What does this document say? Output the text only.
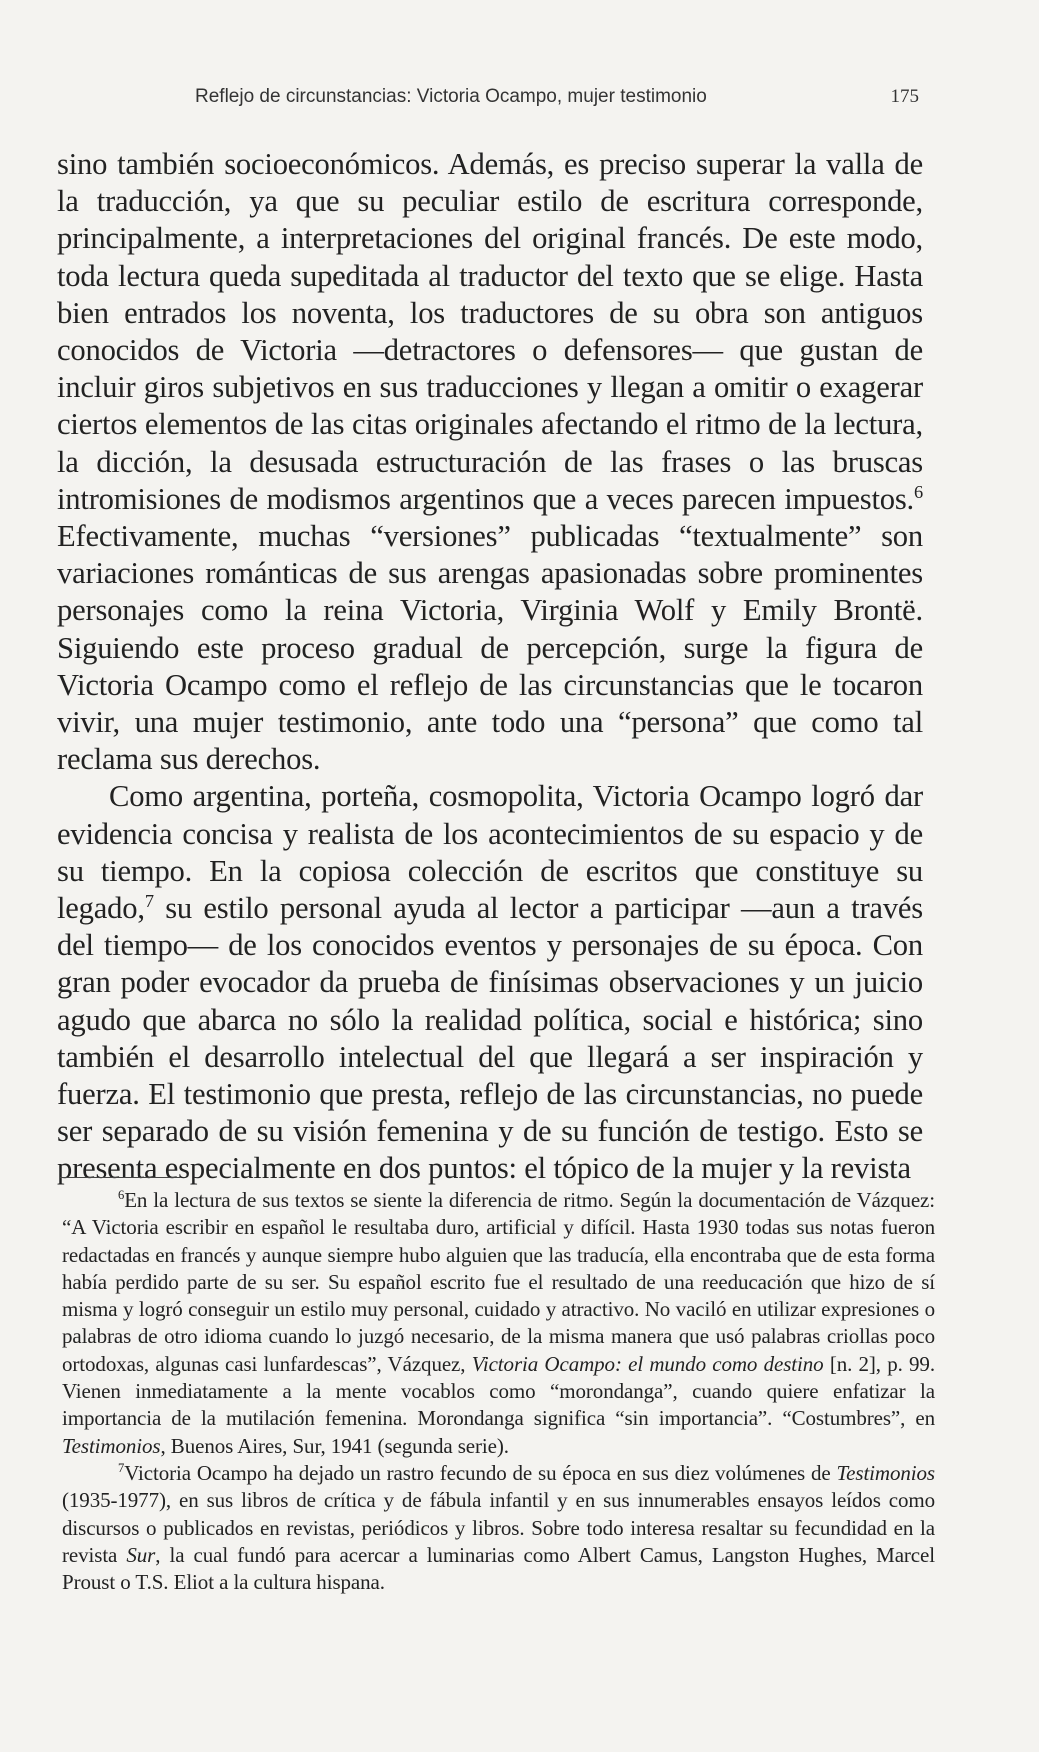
Reflejo de circunstancias: Victoria Ocampo, mujer testimonio	175

sino también socioeconómicos. Además, es preciso superar la valla de la traducción, ya que su peculiar estilo de escritura corresponde, principalmente, a interpretaciones del original francés. De este modo, toda lectura queda supeditada al traductor del texto que se elige. Hasta bien entrados los noventa, los traductores de su obra son antiguos conocidos de Victoria —detractores o defensores— que gustan de incluir giros subjetivos en sus traducciones y llegan a omitir o exagerar ciertos elementos de las citas originales afectando el ritmo de la lectura, la dicción, la desusada estructuración de las frases o las bruscas intromisiones de modismos argentinos que a veces parecen impuestos.$^6$ Efectivamente, muchas “versiones” publicadas “textualmente” son variaciones románticas de sus arengas apasionadas sobre prominentes personajes como la reina Victoria, Virginia Wolf y Emily Brontë. Siguiendo este proceso gradual de percepción, surge la figura de Victoria Ocampo como el reflejo de las circunstancias que le tocaron vivir, una mujer testimonio, ante todo una “persona” que como tal reclama sus derechos.

Como argentina, porteña, cosmopolita, Victoria Ocampo logró dar evidencia concisa y realista de los acontecimientos de su espacio y de su tiempo. En la copiosa colección de escritos que constituye su legado,$^7$ su estilo personal ayuda al lector a participar —aun a través del tiempo— de los conocidos eventos y personajes de su época. Con gran poder evocador da prueba de finísimas observaciones y un juicio agudo que abarca no sólo la realidad política, social e histórica; sino también el desarrollo intelectual del que llegará a ser inspiración y fuerza. El testimonio que presta, reflejo de las circunstancias, no puede ser separado de su visión femenina y de su función de testigo. Esto se presenta especialmente en dos puntos: el tópico de la mujer y la revista

$^6$En la lectura de sus textos se siente la diferencia de ritmo. Según la documentación de Vázquez: “A Victoria escribir en español le resultaba duro, artificial y difícil. Hasta 1930 todas sus notas fueron redactadas en francés y aunque siempre hubo alguien que las traducía, ella encontraba que de esta forma había perdido parte de su ser. Su español escrito fue el resultado de una reeducación que hizo de sí misma y logró conseguir un estilo muy personal, cuidado y atractivo. No vaciló en utilizar expresiones o palabras de otro idioma cuando lo juzgó necesario, de la misma manera que usó palabras criollas poco ortodoxas, algunas casi lunfardescas”, Vázquez, Victoria Ocampo: el mundo como destino [n. 2], p. 99. Vienen inmediatamente a la mente vocablos como “morondanga”, cuando quiere enfatizar la importancia de la mutilación femenina. Morondanga significa “sin importancia”. “Costumbres”, en Testimonios, Buenos Aires, Sur, 1941 (segunda serie).

$^7$Victoria Ocampo ha dejado un rastro fecundo de su época en sus diez volúmenes de Testimonios (1935-1977), en sus libros de crítica y de fábula infantil y en sus innumerables ensayos leídos como discursos o publicados en revistas, periódicos y libros. Sobre todo interesa resaltar su fecundidad en la revista Sur, la cual fundó para acercar a luminarias como Albert Camus, Langston Hughes, Marcel Proust o T.S. Eliot a la cultura hispana.
